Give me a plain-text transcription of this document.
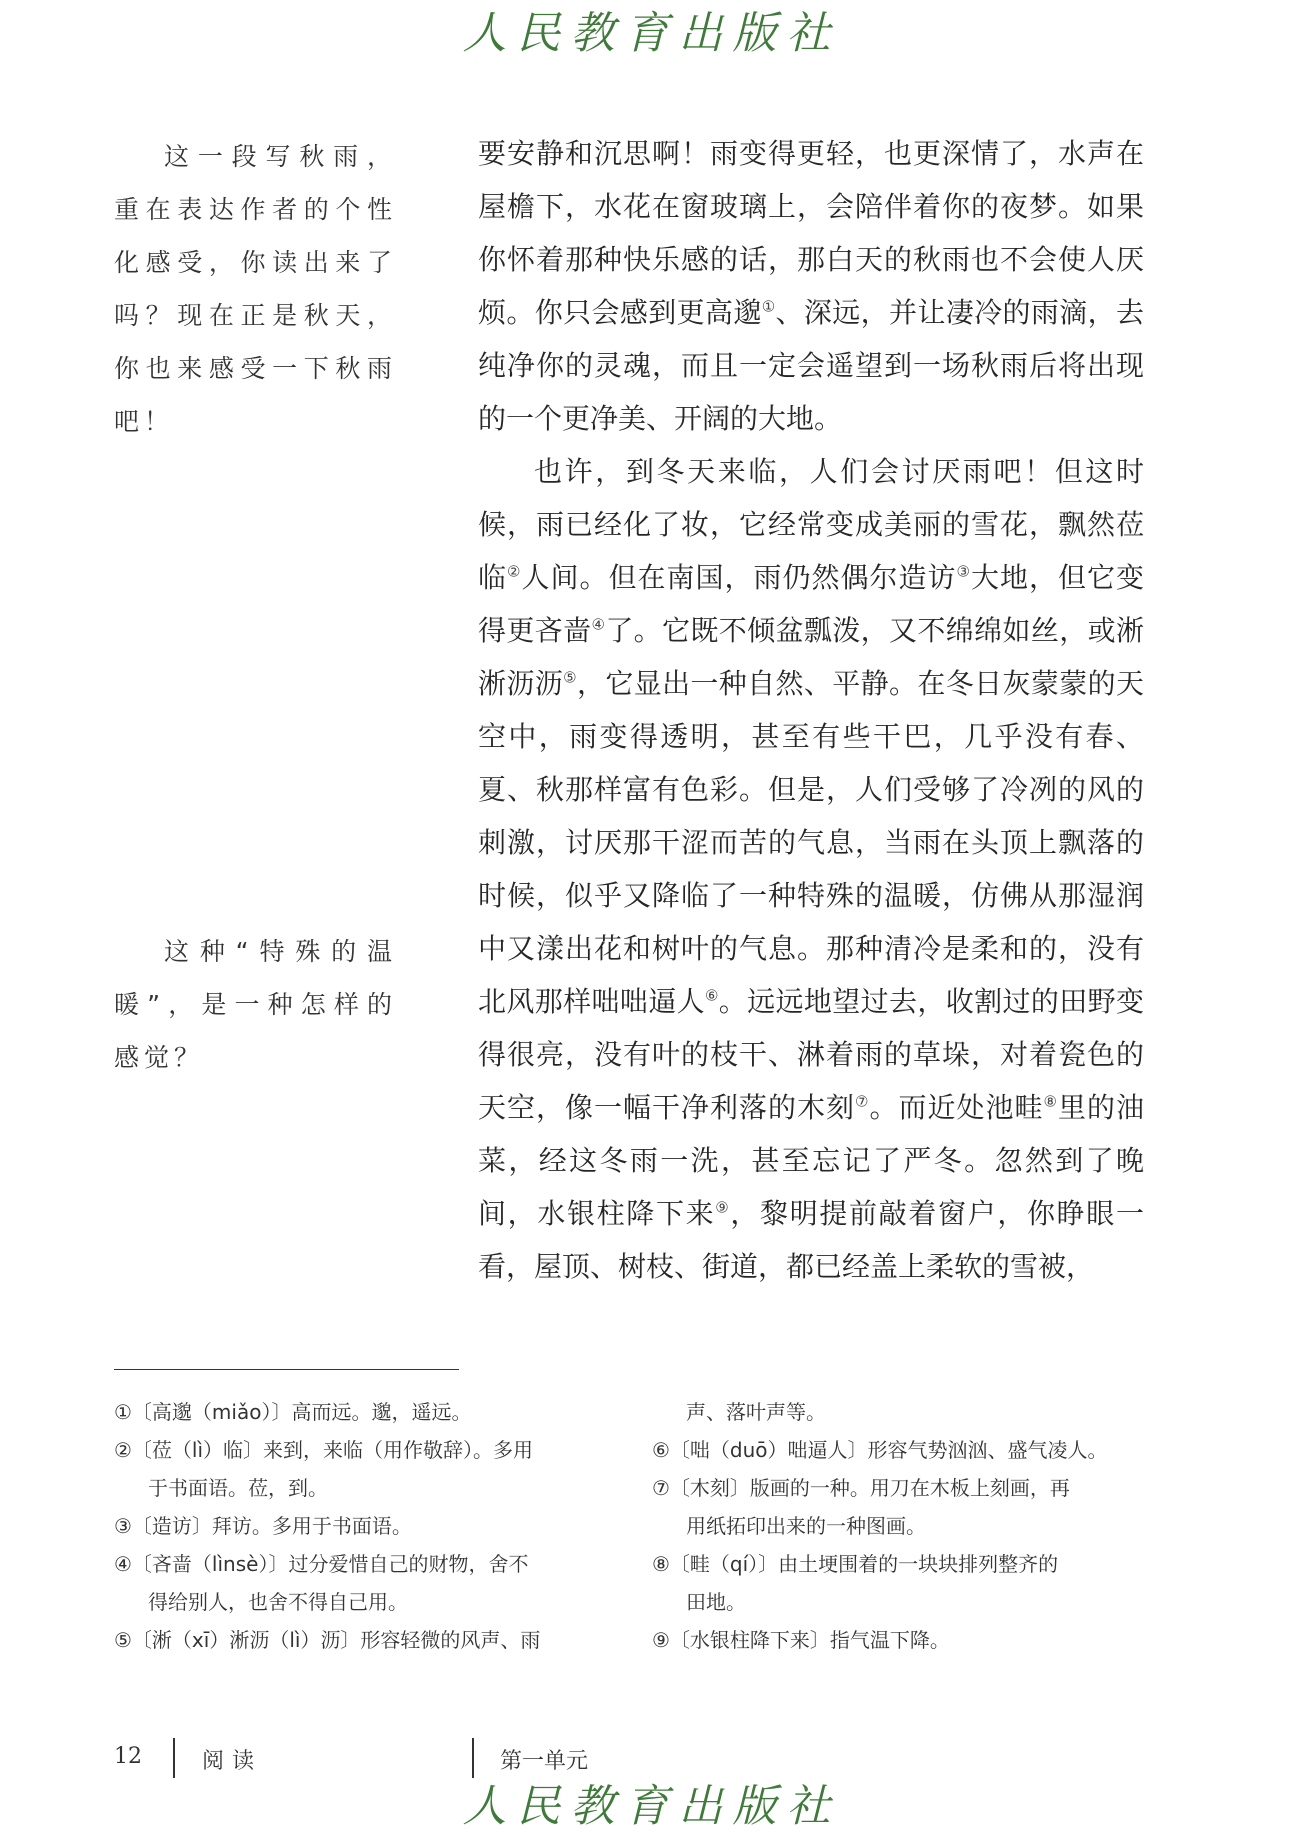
人民教育出版社
这一段写秋雨，重在表达作者的个性化感受，你读出来了吗？现在正是秋天，你也来感受一下秋雨吧！
这种“特殊的温暖”，是一种怎样的感觉？

要安静和沉思啊！雨变得更轻，也更深情了，水声在屋檐下，水花在窗玻璃上，会陪伴着你的夜梦。如果你怀着那种快乐感的话，那白天的秋雨也不会使人厌烦。你只会感到更高邈①、深远，并让凄冷的雨滴，去纯净你的灵魂，而且一定会遥望到一场秋雨后将出现的一个更净美、开阔的大地。

也许，到冬天来临，人们会讨厌雨吧！但这时候，雨已经化了妆，它经常变成美丽的雪花，飘然莅临②人间。但在南国，雨仍然偶尔造访③大地，但它变得更吝啬④了。它既不倾盆瓢泼，又不绵绵如丝，或淅淅沥沥⑤，它显出一种自然、平静。在冬日灰蒙蒙的天空中，雨变得透明，甚至有些干巴，几乎没有春、夏、秋那样富有色彩。但是，人们受够了冷冽的风的刺激，讨厌那干涩而苦的气息，当雨在头顶上飘落的时候，似乎又降临了一种特殊的温暖，仿佛从那湿润中又漾出花和树叶的气息。那种清冷是柔和的，没有北风那样咄咄逼人⑥。远远地望过去，收割过的田野变得很亮，没有叶的枝干、淋着雨的草垛，对着瓷色的天空，像一幅干净利落的木刻⑦。而近处池畦⑧里的油菜，经这冬雨一洗，甚至忘记了严冬。忽然到了晚间，水银柱降下来⑨，黎明提前敲着窗户，你睁眼一看，屋顶、树枝、街道，都已经盖上柔软的雪被，

①〔高邈（miǎo）〕高而远。邈，遥远。
②〔莅（lì）临〕来到，来临（用作敬辞）。多用
于书面语。莅，到。
③〔造访〕拜访。多用于书面语。
④〔吝啬（lìnsè）〕过分爱惜自己的财物，舍不
得给别人，也舍不得自己用。
⑤〔淅（xī）淅沥（lì）沥〕形容轻微的风声、雨
声、落叶声等。
⑥〔咄（duō）咄逼人〕形容气势汹汹、盛气凌人。
⑦〔木刻〕版画的一种。用刀在木板上刻画，再
用纸拓印出来的一种图画。
⑧〔畦（qí）〕由土埂围着的一块块排列整齐的
田地。
⑨〔水银柱降下来〕指气温下降。
12	阅读	第一单元
人民教育出版社
